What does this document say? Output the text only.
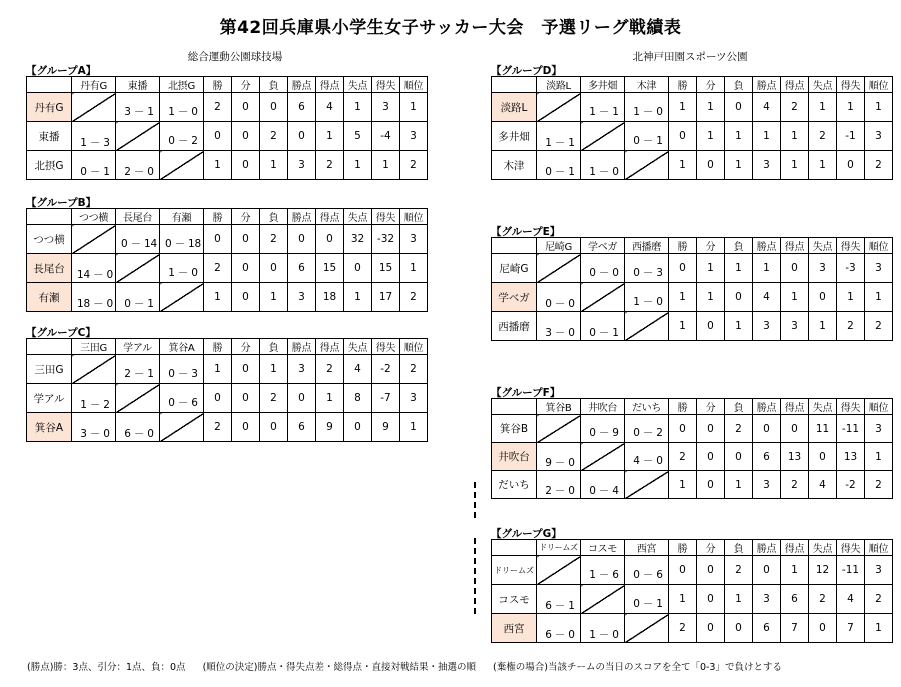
第42回兵庫県小学生女子サッカー大会　予選リーグ戦績表
総合運動公園球技場	北神戸田園スポーツ公園
【グループA】
	丹有G	東播	北摂G	勝	分	負	勝点	得点	失点	得失	順位
丹有G		3 － 1	1 － 0	2	0	0	6	4	1	3	1
東播	1 － 3		0 － 2	0	0	2	0	1	5	-4	3
北摂G	0 － 1	2 － 0		1	0	1	3	2	1	1	2
【グループB】
	つつ横	長尾台	有瀬	勝	分	負	勝点	得点	失点	得失	順位
つつ横		0 － 14	0 － 18	0	0	2	0	0	32	-32	3
長尾台	14 － 0		1 － 0	2	0	0	6	15	0	15	1
有瀬	18 － 0	0 － 1		1	0	1	3	18	1	17	2
【グループC】
	三田G	学アル	箕谷A	勝	分	負	勝点	得点	失点	得失	順位
三田G		2 － 1	0 － 3	1	0	1	3	2	4	-2	2
学アル	1 － 2		0 － 6	0	0	2	0	1	8	-7	3
箕谷A	3 － 0	6 － 0		2	0	0	6	9	0	9	1
【グループD】
	淡路L	多井畑	木津	勝	分	負	勝点	得点	失点	得失	順位
淡路L		1 － 1	1 － 0	1	1	0	4	2	1	1	1
多井畑	1 － 1		0 － 1	0	1	1	1	1	2	-1	3
木津	0 － 1	1 － 0		1	0	1	3	1	1	0	2
【グループE】
	尼崎G	学ベガ	西播磨	勝	分	負	勝点	得点	失点	得失	順位
尼崎G		0 － 0	0 － 3	0	1	1	1	0	3	-3	3
学ベガ	0 － 0		1 － 0	1	1	0	4	1	0	1	1
西播磨	3 － 0	0 － 1		1	0	1	3	3	1	2	2
【グループF】
	箕谷B	井吹台	だいち	勝	分	負	勝点	得点	失点	得失	順位
箕谷B		0 － 9	0 － 2	0	0	2	0	0	11	-11	3
井吹台	9 － 0		4 － 0	2	0	0	6	13	0	13	1
だいち	2 － 0	0 － 4		1	0	1	3	2	4	-2	2
【グループG】
	ドリームズ	コスモ	西宮	勝	分	負	勝点	得点	失点	得失	順位
ドリームズ		1 － 6	0 － 6	0	0	2	0	1	12	-11	3
コスモ	6 － 1		0 － 1	1	0	1	3	6	2	4	2
西宮	6 － 0	1 － 0		2	0	0	6	7	0	7	1
(勝点)勝：3点、引分：1点、負：0点 (順位の決定)勝点・得失点差・総得点・直接対戦結果・抽選の順 (棄権の場合)当該チームの当日のスコアを全て「0-3」で負けとする
